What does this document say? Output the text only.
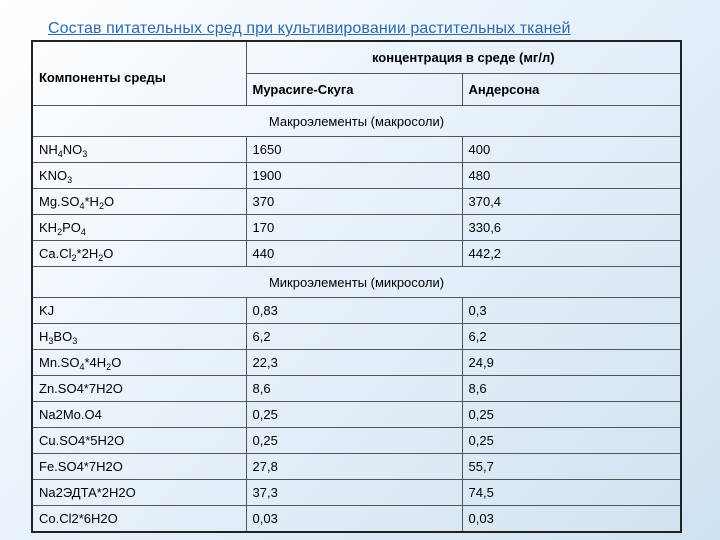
Состав питательных сред при культивировании растительных тканей
Компоненты среды	концентрация в среде (мг/л)	
	Мурасиге-Скуга	Андерсона
Макроэлементы (макросоли)		
$NH_4NO_3$	1650	400
$KNO_3$	1900	480
$Mg.SO_4*H_2O$	370	370,4
$KH_2PO_4$	170	330,6
$Ca.Cl_2*2H_2O$	440	442,2
Микроэлементы (микросоли)		
KJ	0,83	0,3
$H_3BO_3$	6,2	6,2
$Mn.SO_4*4H_2O$	22,3	24,9
Zn.SO4*7H2O	8,6	8,6
Na2Mo.O4	0,25	0,25
Cu.SO4*5H2O	0,25	0,25
Fe.SO4*7H2O	27,8	55,7
Na2ЭДТА*2H2O	37,3	74,5
Co.Cl2*6H2O	0,03	0,03
